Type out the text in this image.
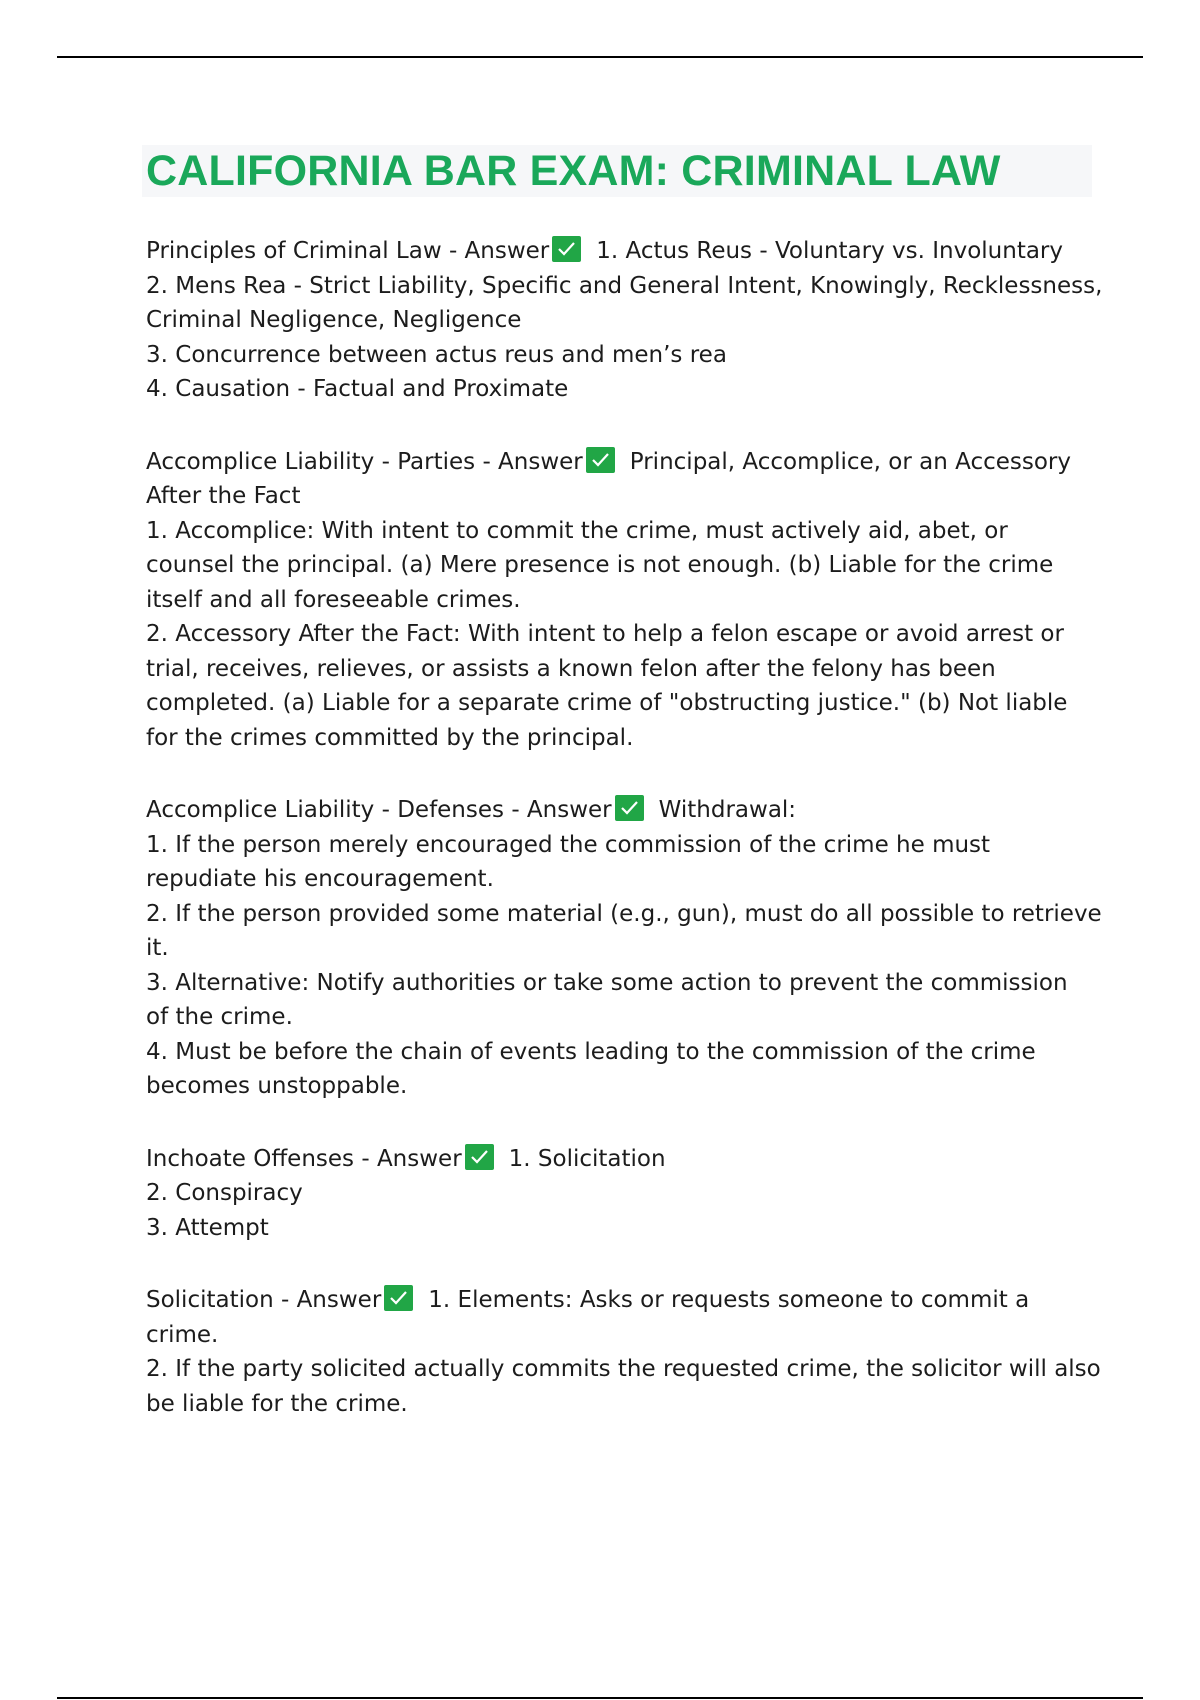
CALIFORNIA BAR EXAM: CRIMINAL LAW
Principles of Criminal Law - Answer 1. Actus Reus - Voluntary vs. Involuntary
2. Mens Rea - Strict Liability, Specific and General Intent, Knowingly, Recklessness,
Criminal Negligence, Negligence
3. Concurrence between actus reus and men’s rea
4. Causation - Factual and Proximate
Accomplice Liability - Parties - Answer Principal, Accomplice, or an Accessory
After the Fact
1. Accomplice: With intent to commit the crime, must actively aid, abet, or
counsel the principal. (a) Mere presence is not enough. (b) Liable for the crime
itself and all foreseeable crimes.
2. Accessory After the Fact: With intent to help a felon escape or avoid arrest or
trial, receives, relieves, or assists a known felon after the felony has been
completed. (a) Liable for a separate crime of "obstructing justice." (b) Not liable
for the crimes committed by the principal.
Accomplice Liability - Defenses - Answer Withdrawal:
1. If the person merely encouraged the commission of the crime he must
repudiate his encouragement.
2. If the person provided some material (e.g., gun), must do all possible to retrieve
it.
3. Alternative: Notify authorities or take some action to prevent the commission
of the crime.
4. Must be before the chain of events leading to the commission of the crime
becomes unstoppable.
Inchoate Offenses - Answer 1. Solicitation
2. Conspiracy
3. Attempt
Solicitation - Answer 1. Elements: Asks or requests someone to commit a
crime.
2. If the party solicited actually commits the requested crime, the solicitor will also
be liable for the crime.
